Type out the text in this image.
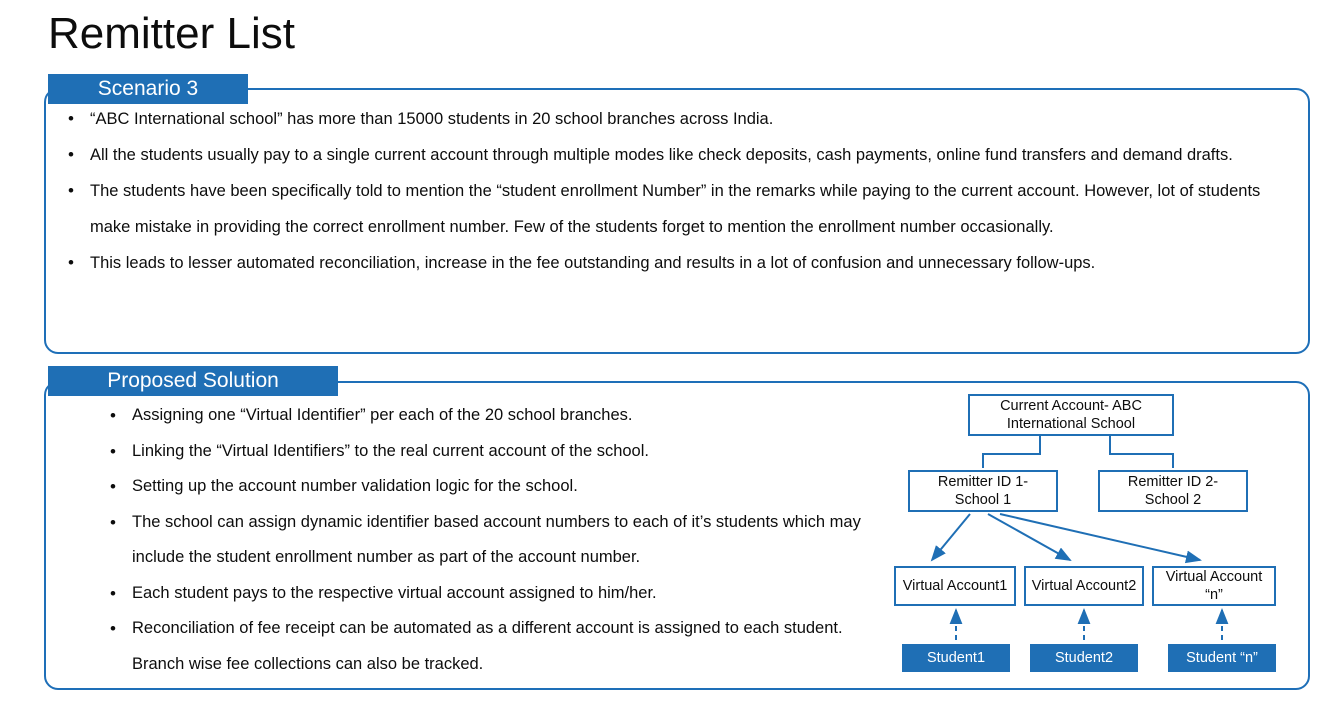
Remitter List
Scenario 3
• “ABC International school” has more than 15000 students in 20 school branches across India.
• All the students usually pay to a single current account through multiple modes like check deposits, cash payments, online fund transfers and demand drafts.
• The students have been specifically told to mention the “student enrollment Number” in the remarks while paying to the current account. However, lot of students make mistake in providing the correct enrollment number. Few of the students forget to mention the enrollment number occasionally.
• This leads to lesser automated reconciliation, increase in the fee outstanding and results in a lot of confusion and unnecessary follow-ups.
Proposed Solution
• Assigning one “Virtual Identifier” per each of the 20 school branches.
• Linking the “Virtual Identifiers” to the real current account of the school.
• Setting up the account number validation logic for the school.
• The school can assign dynamic identifier based account numbers to each of it’s students which may include the student enrollment number as part of the account number.
• Each student pays to the respective virtual account assigned to him/her.
• Reconciliation of fee receipt can be automated as a different account is assigned to each student. Branch wise fee collections can also be tracked.
Current Account- ABC International School
Remitter ID 1- School 1
Remitter ID 2- School 2
Virtual Account1	Virtual Account2
Virtual Account “n”
Student1	Student2	Student “n”
